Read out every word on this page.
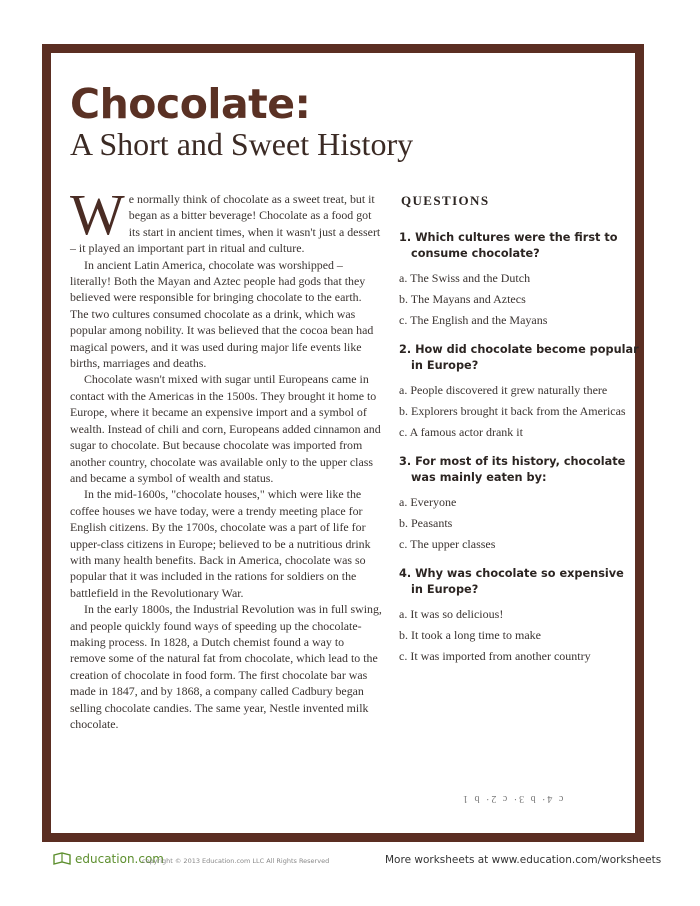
Chocolate:
A Short and Sweet History

We normally think of chocolate as a sweet treat, but it began as a bitter beverage! Chocolate as a food got its start in ancient times, when it wasn't just a dessert – it played an important part in ritual and culture.

In ancient Latin America, chocolate was worshipped – literally! Both the Mayan and Aztec people had gods that they believed were responsible for bringing chocolate to the earth. The two cultures consumed chocolate as a drink, which was popular among nobility. It was believed that the cocoa bean had magical powers, and it was used during major life events like births, marriages and deaths.

Chocolate wasn't mixed with sugar until Europeans came in contact with the Americas in the 1500s. They brought it home to Europe, where it became an expensive import and a symbol of wealth. Instead of chili and corn, Europeans added cinnamon and sugar to chocolate. But because chocolate was imported from another country, chocolate was available only to the upper class and became a symbol of wealth and status.

In the mid-1600s, "chocolate houses," which were like the coffee houses we have today, were a trendy meeting place for English citizens. By the 1700s, chocolate was a part of life for upper-class citizens in Europe; believed to be a nutritious drink with many health benefits. Back in America, chocolate was so popular that it was included in the rations for soldiers on the battlefield in the Revolutionary War.

In the early 1800s, the Industrial Revolution was in full swing, and people quickly found ways of speeding up the chocolate-making process. In 1828, a Dutch chemist found a way to remove some of the natural fat from chocolate, which lead to the creation of chocolate in food form. The first chocolate bar was made in 1847, and by 1868, a company called Cadbury began selling chocolate candies. The same year, Nestle invented milk chocolate.

QUESTIONS
1. Which cultures were the first to consume chocolate?
a. The Swiss and the Dutch
b. The Mayans and Aztecs
c. The English and the Mayans
2. How did chocolate become popular in Europe?
a. People discovered it grew naturally there
b. Explorers brought it back from the Americas
c. A famous actor drank it
3. For most of its history, chocolate was mainly eaten by:
a. Everyone
b. Peasants
c. The upper classes
4. Why was chocolate so expensive in Europe?
a. It was so delicious!
b. It took a long time to make
c. It was imported from another country
c 4· b 3· c 2· b 1
education.com
copyright © 2013 Education.com LLC All Rights Reserved	More worksheets at www.education.com/worksheets
